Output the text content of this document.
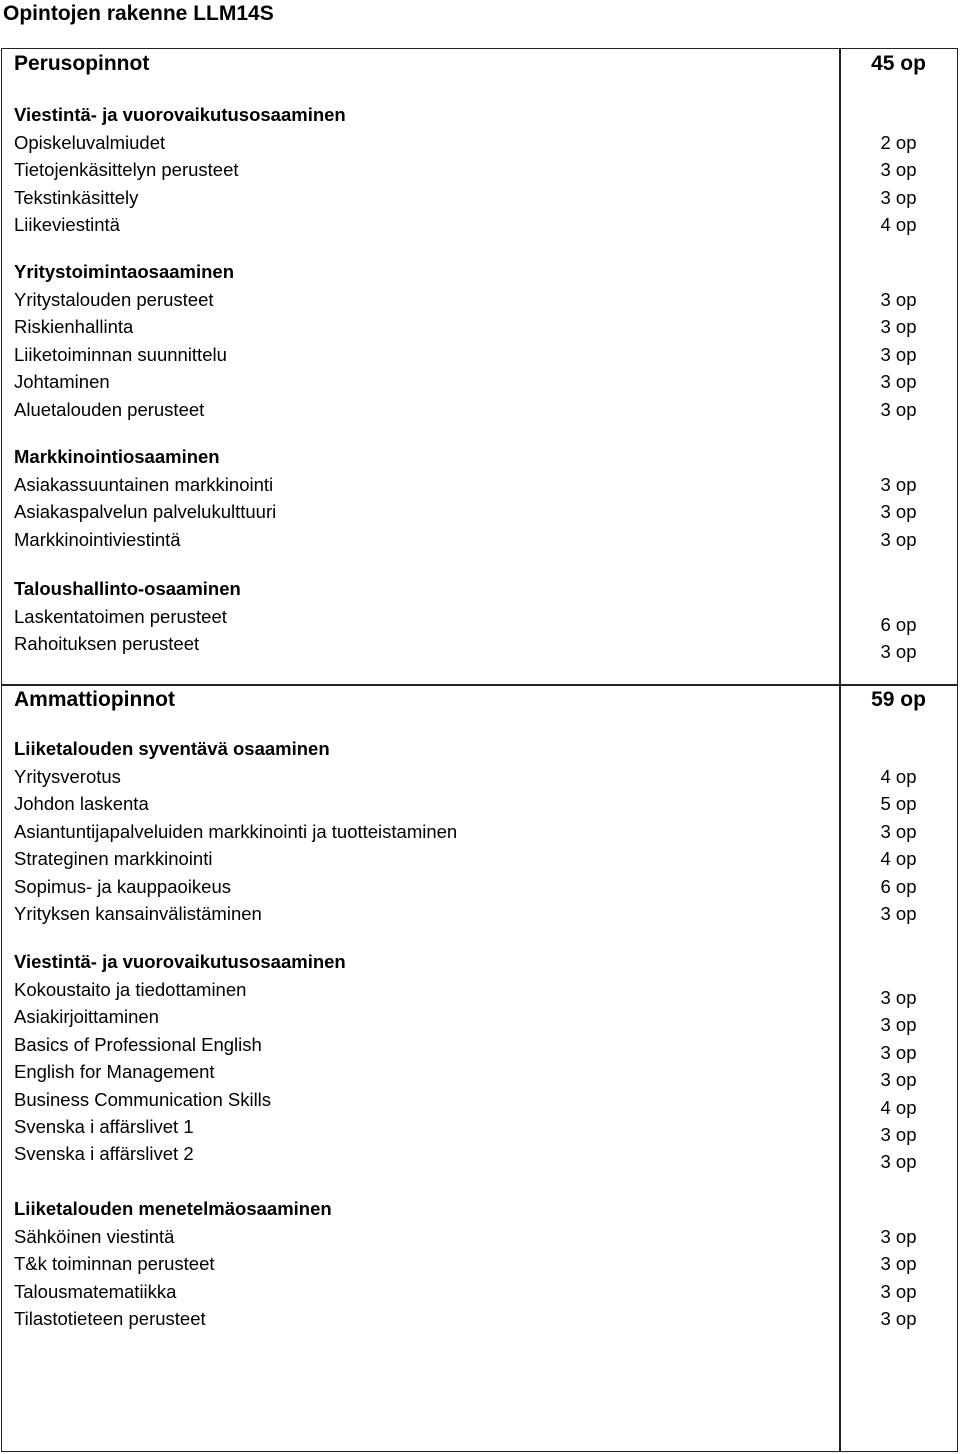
Opintojen rakenne LLM14S
Perusopinnot	45 op
Viestintä- ja vuorovaikutusosaaminen
Opiskeluvalmiudet	2 op
Tietojenkäsittelyn perusteet	3 op
Tekstinkäsittely	3 op
Liikeviestintä	4 op
Yritystoimintaosaaminen
Yritystalouden perusteet	3 op
Riskienhallinta	3 op
Liiketoiminnan suunnittelu	3 op
Johtaminen	3 op
Aluetalouden perusteet	3 op
Markkinointiosaaminen
Asiakassuuntainen markkinointi	3 op
Asiakaspalvelun palvelukulttuuri	3 op
Markkinointiviestintä	3 op
Taloushallinto-osaaminen
Laskentatoimen perusteet	6 op
Rahoituksen perusteet	3 op
Ammattiopinnot	59 op
Liiketalouden syventävä osaaminen
Yritysverotus	4 op
Johdon laskenta	5 op
Asiantuntijapalveluiden markkinointi ja tuotteistaminen	3 op
Strateginen markkinointi	4 op
Sopimus- ja kauppaoikeus	6 op
Yrityksen kansainvälistäminen	3 op
Viestintä- ja vuorovaikutusosaaminen
Kokoustaito ja tiedottaminen	3 op
Asiakirjoittaminen	3 op
Basics of Professional English	3 op
English for Management	3 op
Business Communication Skills	4 op
Svenska i affärslivet 1	3 op
Svenska i affärslivet 2	3 op
Liiketalouden menetelmäosaaminen
Sähköinen viestintä	3 op
T&k toiminnan perusteet	3 op
Talousmatematiikka	3 op
Tilastotieteen perusteet	3 op
